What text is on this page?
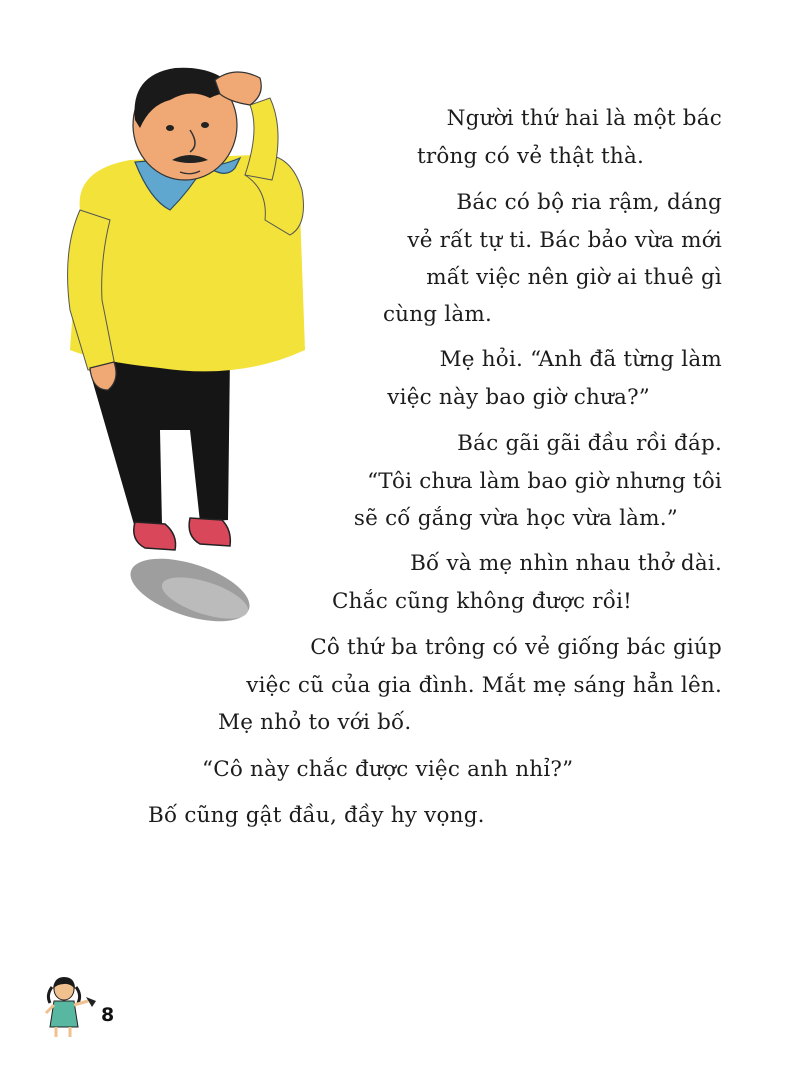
Người thứ hai là một bác
trông có vẻ thật thà.
Bác có bộ ria rậm, dáng
vẻ rất tự ti. Bác bảo vừa mới
mất việc nên giờ ai thuê gì
cùng làm.
Mẹ hỏi. “Anh đã từng làm
việc này bao giờ chưa?”
Bác gãi gãi đầu rồi đáp.
“Tôi chưa làm bao giờ nhưng tôi
sẽ cố gắng vừa học vừa làm.”
Bố và mẹ nhìn nhau thở dài.
Chắc cũng không được rồi!
Cô thứ ba trông có vẻ giống bác giúp
việc cũ của gia đình. Mắt mẹ sáng hẳn lên.
Mẹ nhỏ to với bố.
“Cô này chắc được việc anh nhỉ?”
Bố cũng gật đầu, đầy hy vọng.
8
